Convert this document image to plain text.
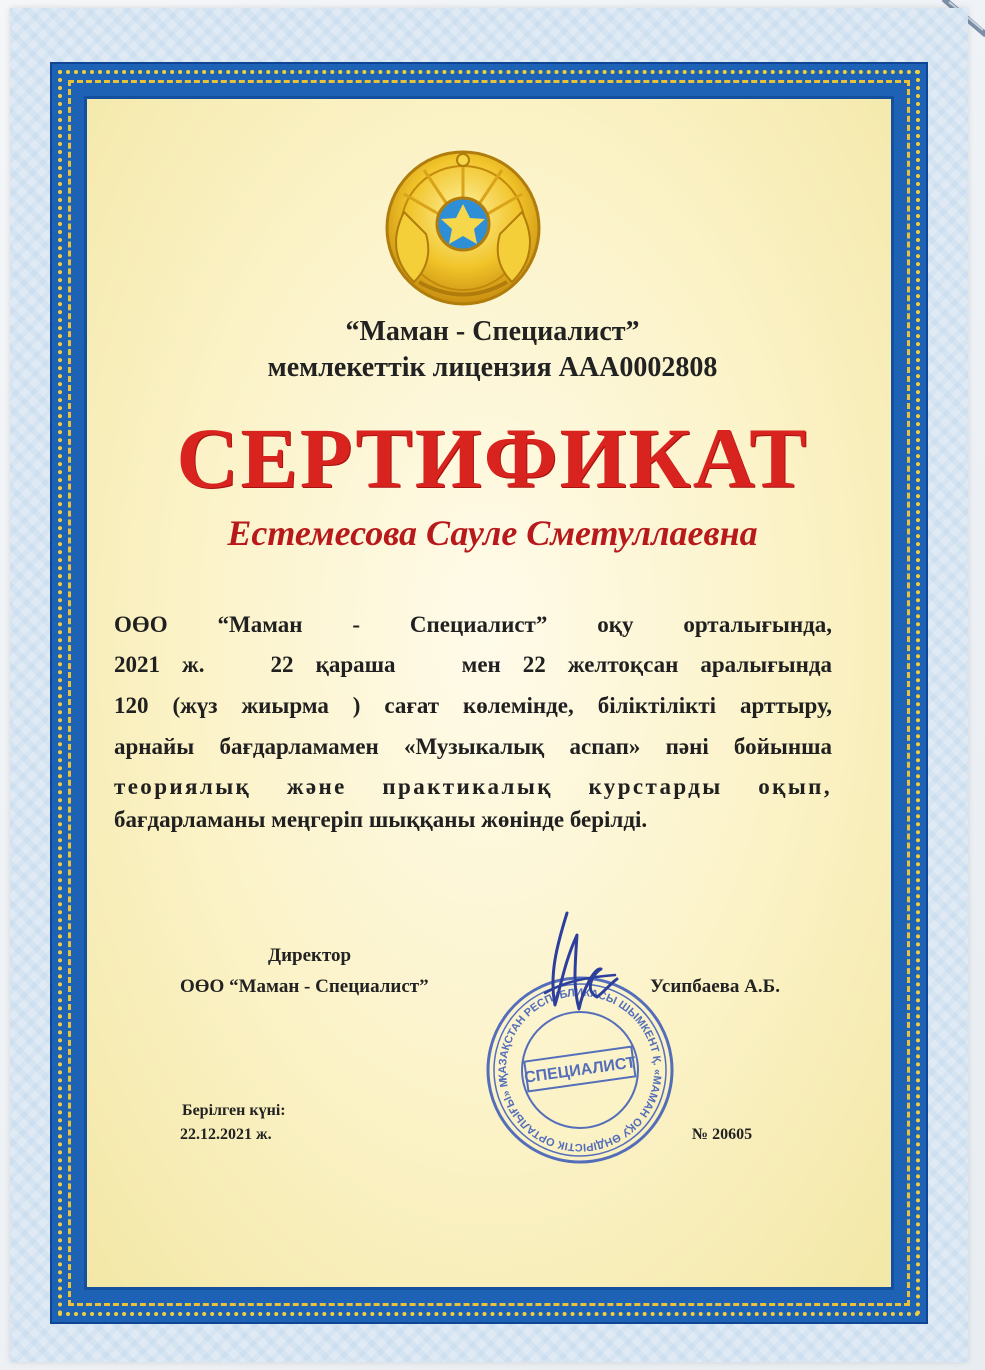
“Маман - Специалист”
мемлекеттік лицензия ААА0002808
СЕРТИФИКАТ
Естемесова Сауле Сметуллаевна
ОӨО “Маман - Специалист” оқу орталығында,
2021 ж.   22 қараша   мен 22 желтоқсан аралығында
120 (жүз жиырма ) сағат көлемінде, біліктілікті арттыру,
арнайы бағдарламамен «Музыкалық аспап» пәні бойынша
теориялық және практикалық курстарды оқып,
бағдарламаны меңгеріп шыққаны жөнінде берілді.
Директор
ОӨО “Маман - Специалист”	Усипбаева А.Б.
ҚАЗАҚСТАН РЕСПУБЛИКАСЫ ШЫМКЕНТ Қ. «МАМАН ОҚУ ӨНДІРІСТІК ОРТАЛЫҒЫ» МЕКЕМЕСІ
СПЕЦИАЛИСТ
Берілген күні:
22.12.2021 ж.	№ 20605
